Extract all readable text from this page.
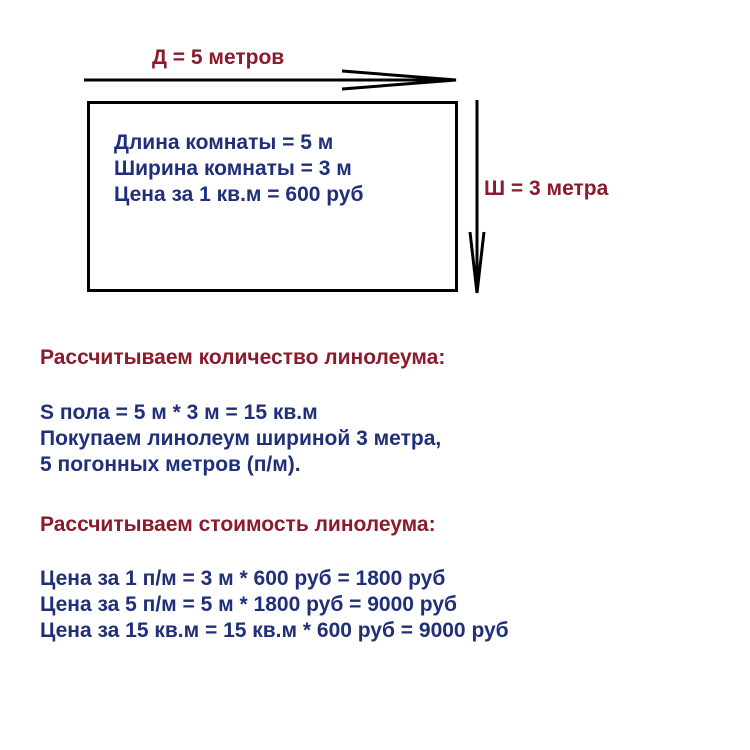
Д = 5 метров
Ш = 3 метра
Длина комнаты = 5 м
Ширина комнаты = 3 м
Цена за 1 кв.м = 600 руб
Рассчитываем количество линолеума:
S пола = 5 м * 3 м = 15 кв.м
Покупаем линолеум шириной 3 метра,
5 погонных метров (п/м).
Рассчитываем стоимость линолеума:
Цена за 1 п/м = 3 м * 600 руб = 1800 руб
Цена за 5 п/м = 5 м * 1800 руб = 9000 руб
Цена за 15 кв.м = 15 кв.м * 600 руб = 9000 руб
